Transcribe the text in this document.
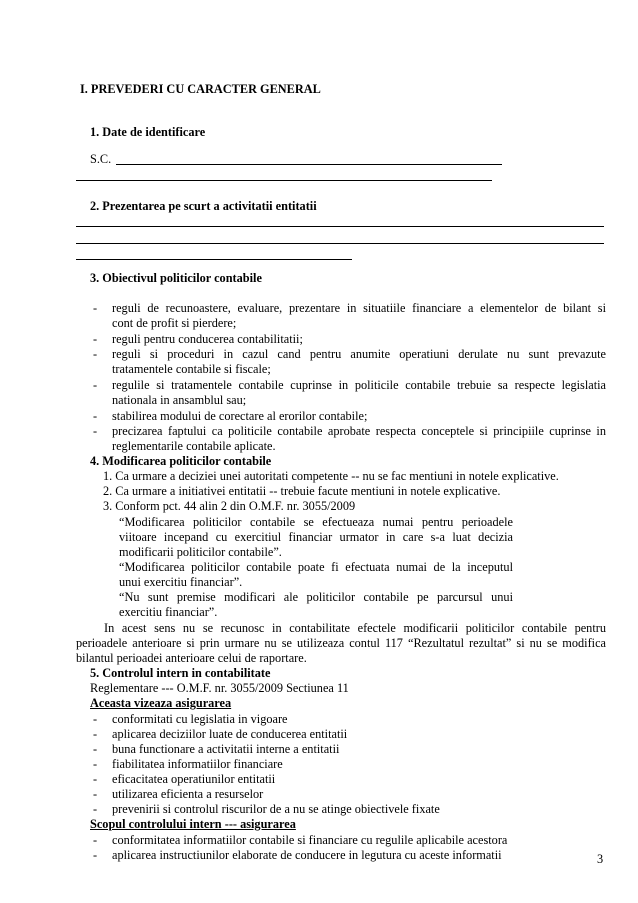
I. PREVEDERI CU CARACTER GENERAL
1. Date de identificare
S.C.
2. Prezentarea pe scurt a activitatii entitatii
3. Obiectivul politicilor contabile
- reguli de recunoastere, evaluare, prezentare in situatiile financiare a elementelor de bilant si
cont de profit si pierdere;
- reguli pentru conducerea contabilitatii;
- reguli si proceduri in cazul cand pentru anumite operatiuni derulate nu sunt prevazute
tratamentele contabile si fiscale;
- regulile si tratamentele contabile cuprinse in politicile contabile trebuie sa respecte legislatia
nationala in ansamblul sau;
- stabilirea modului de corectare al erorilor contabile;
- precizarea faptului ca politicile contabile aprobate respecta conceptele si principiile cuprinse in
reglementarile contabile aplicate.
4. Modificarea politicilor contabile
1. Ca urmare a deciziei unei autoritati competente -- nu se fac mentiuni in notele explicative.
2. Ca urmare a initiativei entitatii -- trebuie facute mentiuni in notele explicative.
3. Conform pct. 44 alin 2 din O.M.F. nr. 3055/2009
“Modificarea politicilor contabile se efectueaza numai pentru perioadele
viitoare incepand cu exercitiul financiar urmator in care s-a luat decizia
modificarii politicilor contabile”.
“Modificarea politicilor contabile poate fi efectuata numai de la inceputul
unui exercitiu financiar”.
“Nu sunt premise modificari ale politicilor contabile pe parcursul unui
exercitiu financiar”.
In acest sens nu se recunosc in contabilitate efectele modificarii politicilor contabile pentru
perioadele anterioare si prin urmare nu se utilizeaza contul 117 “Rezultatul rezultat” si nu se modifica
bilantul perioadei anterioare celui de raportare.
5. Controlul intern in contabilitate
Reglementare --- O.M.F. nr. 3055/2009 Sectiunea 11
Aceasta vizeaza asigurarea
- conformitati cu legislatia in vigoare
- aplicarea deciziilor luate de conducerea entitatii
- buna functionare a activitatii interne a entitatii
- fiabilitatea informatiilor financiare
- eficacitatea operatiunilor entitatii
- utilizarea eficienta a resurselor
- prevenirii si controlul riscurilor de a nu se atinge obiectivele fixate
Scopul controlului intern --- asigurarea
- conformitatea informatiilor contabile si financiare cu regulile aplicabile acestora
- aplicarea instructiunilor elaborate de conducere in legutura cu aceste informatii	3
